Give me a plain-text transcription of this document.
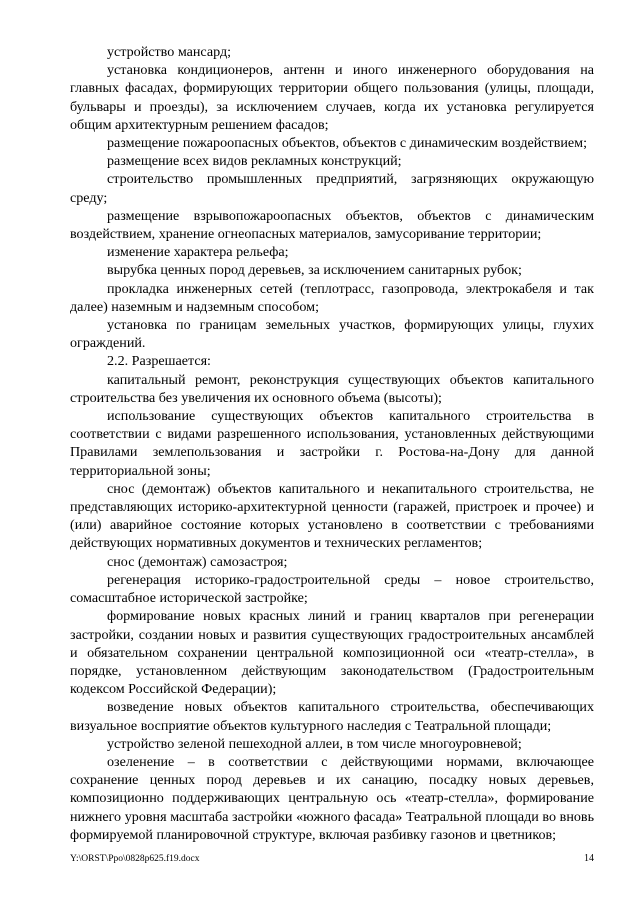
устройство мансард;

установка кондиционеров, антенн и иного инженерного оборудования на главных фасадах, формирующих территории общего пользования (улицы, площади, бульвары и проезды), за исключением случаев, когда их установка регулируется общим архитектурным решением фасадов;

размещение пожароопасных объектов, объектов с динамическим воздействием;

размещение всех видов рекламных конструкций;

строительство промышленных предприятий, загрязняющих окружающую среду;

размещение взрывопожароопасных объектов, объектов с динамическим воздействием, хранение огнеопасных материалов, замусоривание территории;

изменение характера рельефа;

вырубка ценных пород деревьев, за исключением санитарных рубок;

прокладка инженерных сетей (теплотрасс, газопровода, электрокабеля и так далее) наземным и надземным способом;

установка по границам земельных участков, формирующих улицы, глухих ограждений.

2.2. Разрешается:

капитальный ремонт, реконструкция существующих объектов капитального строительства без увеличения их основного объема (высоты);

использование существующих объектов капитального строительства в соответствии с видами разрешенного использования, установленных действующими Правилами землепользования и застройки г. Ростова-на-Дону для данной территориальной зоны;

снос (демонтаж) объектов капитального и некапитального строительства, не представляющих историко-архитектурной ценности (гаражей, пристроек и прочее) и (или) аварийное состояние которых установлено в соответствии с требованиями действующих нормативных документов и технических регламентов;

снос (демонтаж) самозастроя;

регенерация историко-градостроительной среды – новое строительство, сомасштабное исторической застройке;

формирование новых красных линий и границ кварталов при регенерации застройки, создании новых и развития существующих градостроительных ансамблей и обязательном сохранении центральной композиционной оси «театр-стелла», в порядке, установленном действующим законодательством (Градостроительным кодексом Российской Федерации);

возведение новых объектов капитального строительства, обеспечивающих визуальное восприятие объектов культурного наследия с Театральной площади;

устройство зеленой пешеходной аллеи, в том числе многоуровневой;

озеленение – в соответствии с действующими нормами, включающее сохранение ценных пород деревьев и их санацию, посадку новых деревьев, композиционно поддерживающих центральную ось «театр-стелла», формирование нижнего уровня масштаба застройки «южного фасада» Театральной площади во вновь формируемой планировочной структуре, включая разбивку газонов и цветников;

Y:\ORST\Ppo\0828p625.f19.docx	14
